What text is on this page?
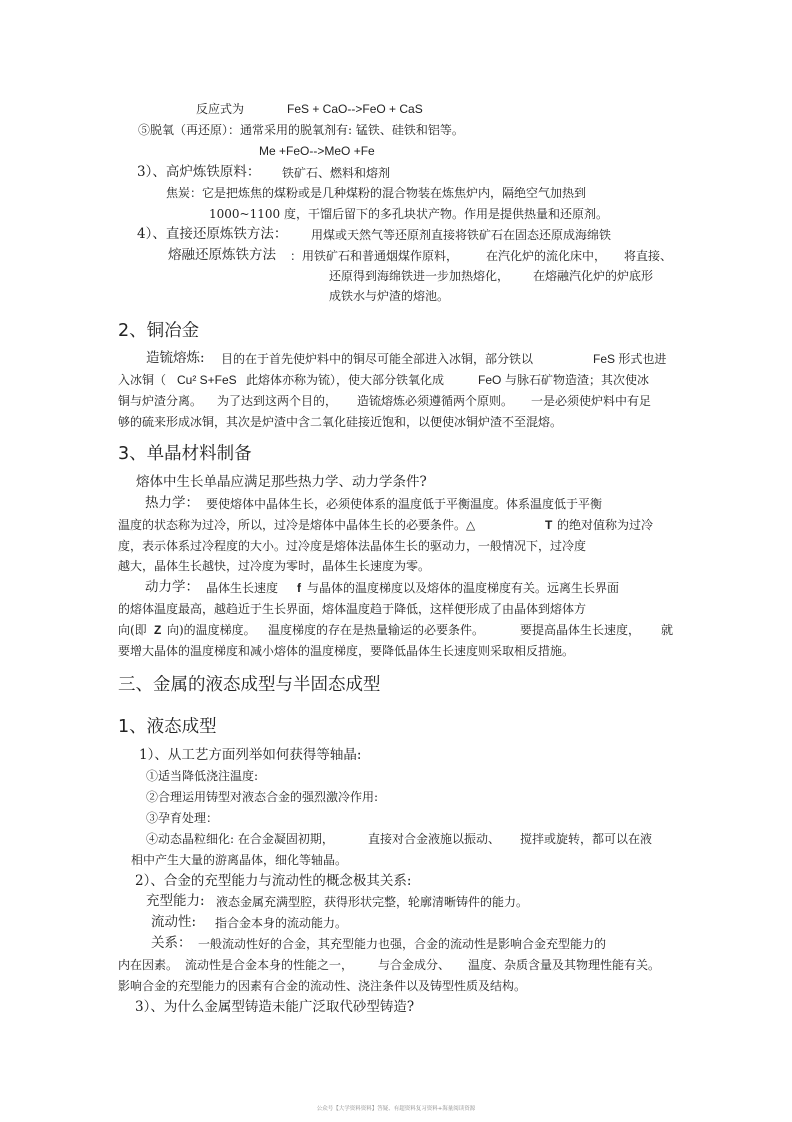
反应式为	FeS + CaO-->FeO + CaS
⑤脱氧（再还原）：通常采用的脱氧剂有: 锰铁、硅铁和铝等。
Me +FeO-->MeO +Fe
3）、高炉炼铁原料： 铁矿石、燃料和熔剂
焦炭：它是把炼焦的煤粉或是几种煤粉的混合物装在炼焦炉内，隔绝空气加热到
1000~1100 度，干馏后留下的多孔块状产物。作用是提供热量和还原剂。
4）、直接还原炼铁方法： 用煤或天然气等还原剂直接将铁矿石在固态还原成海绵铁
熔融还原炼铁方法 ：用铁矿石和普通烟煤作原料， 在汽化炉的流化床中， 将直接、
还原得到海绵铁进一步加热熔化， 在熔融汽化炉的炉底形
成铁水与炉渣的熔池。
2、铜冶金
造锍熔炼: 目的在于首先使炉料中的铜尽可能全部进入冰铜，部分铁以	FeS 形式也进
入冰铜（ Cu² S+FeS 此熔体亦称为锍），使大部分铁氧化成	FeO 与脉石矿物造渣；其次使冰
铜与炉渣分离。 为了达到这两个目的， 造锍熔炼必须遵循两个原则。 一是必须使炉料中有足
够的硫来形成冰铜，其次是炉渣中含二氧化硅接近饱和，以便使冰铜炉渣不至混熔。
3、单晶材料制备
熔体中生长单晶应满足那些热力学、动力学条件?
热力学： 要使熔体中晶体生长，必须使体系的温度低于平衡温度。体系温度低于平衡
温度的状态称为过冷，所以，过冷是熔体中晶体生长的必要条件。△	T 的绝对值称为过冷
度，表示体系过冷程度的大小。过冷度是熔体法晶体生长的驱动力，一般情况下，过冷度
越大，晶体生长越快，过冷度为零时，晶体生长速度为零。
动力学： 晶体生长速度 f 与晶体的温度梯度以及熔体的温度梯度有关。远离生长界面
的熔体温度最高，越趋近于生长界面，熔体温度趋于降低，这样便形成了由晶体到熔体方
向(即 Z 向)的温度梯度。 温度梯度的存在是热量输运的必要条件。	要提高晶体生长速度， 就
要增大晶体的温度梯度和减小熔体的温度梯度，要降低晶体生长速度则采取相反措施。
三、金属的液态成型与半固态成型
1、液态成型
1）、从工艺方面列举如何获得等轴晶:
①适当降低浇注温度:
②合理运用铸型对液态合金的强烈激冷作用:
③孕育处理：
④动态晶粒细化: 在合金凝固初期，	直接对合金液施以振动、 搅拌或旋转，都可以在液
相中产生大量的游离晶体，细化等轴晶。
2）、合金的充型能力与流动性的概念极其关系:
充型能力: 液态金属充满型腔，获得形状完整，轮廓清晰铸件的能力。
流动性: 指合金本身的流动能力。
关系： 一般流动性好的合金，其充型能力也强，合金的流动性是影响合金充型能力的
内在因素。 流动性是合金本身的性能之一， 与合金成分、 温度、杂质含量及其物理性能有关。
影响合金的充型能力的因素有合金的流动性、浇注条件以及铸型性质及结构。
3）、为什么金属型铸造未能广泛取代砂型铸造?
公众号【大学资料资料】答疑、有超资料复习资料+海量阅读资源
